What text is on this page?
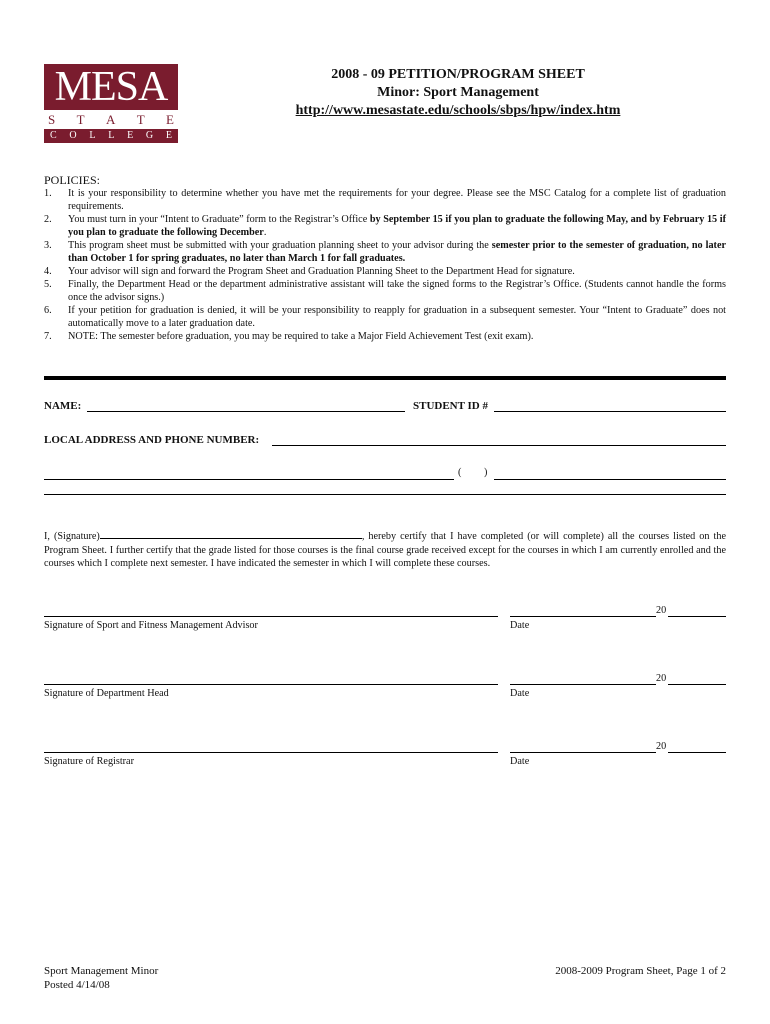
MESA
S T A T E
C O L L E G E
2008 - 09 PETITION/PROGRAM SHEET
Minor: Sport Management
http://www.mesastate.edu/schools/sbps/hpw/index.htm
POLICIES:
1.	It is your responsibility to determine whether you have met the requirements for your degree. Please see the MSC Catalog for a complete list of graduation requirements.
2.	You must turn in your “Intent to Graduate” form to the Registrar’s Office by September 15 if you plan to graduate the following May, and by February 15 if you plan to graduate the following December.
3.	This program sheet must be submitted with your graduation planning sheet to your advisor during the semester prior to the semester of graduation, no later than October 1 for spring graduates, no later than March 1 for fall graduates.
4.	Your advisor will sign and forward the Program Sheet and Graduation Planning Sheet to the Department Head for signature.
5.	Finally, the Department Head or the department administrative assistant will take the signed forms to the Registrar’s Office. (Students cannot handle the forms once the advisor signs.)
6.	If your petition for graduation is denied, it will be your responsibility to reapply for graduation in a subsequent semester. Your “Intent to Graduate” does not automatically move to a later graduation date.
7.	NOTE: The semester before graduation, you may be required to take a Major Field Achievement Test (exit exam).
NAME:	STUDENT ID #
LOCAL ADDRESS AND PHONE NUMBER:
( )
I, (Signature)	, hereby certify that I have completed (or will complete) all the courses listed on the Program Sheet. I further certify that the grade listed for those courses is the final course grade received except for the courses in which I am currently enrolled and the courses which I complete next semester. I have indicated the semester in which I will complete these courses.
Signature of Sport and Fitness Management Advisor
20
Date
Signature of Department Head
20
Date
Signature of Registrar
20
Date
Sport Management Minor
Posted 4/14/08
2008-2009 Program Sheet, Page 1 of 2
